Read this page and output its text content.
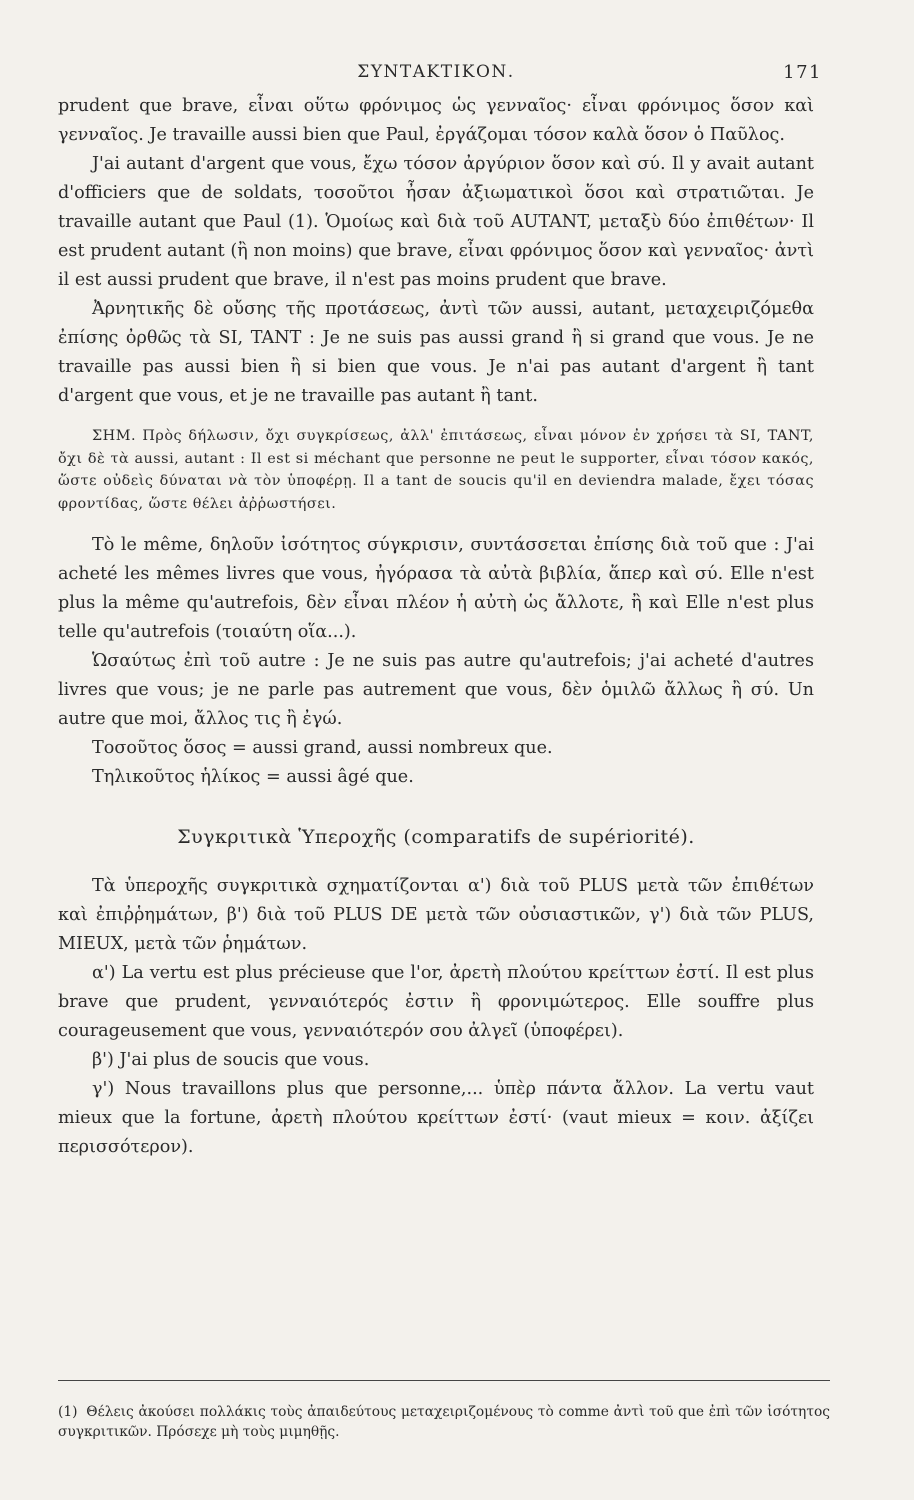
ΣΥΝΤΑΚΤΙΚΟΝ.	171

prudent que brave, εἶναι οὕτω φρόνιμος ὡς γενναῖος· εἶναι φρόνιμος ὅσον καὶ γενναῖος. Je travaille aussi bien que Paul, ἐργάζομαι τόσον καλὰ ὅσον ὁ Παῦλος.

J'ai autant d'argent que vous, ἔχω τόσον ἀργύριον ὅσον καὶ σύ. Il y avait autant d'officiers que de soldats, τοσοῦτοι ἦσαν ἀξιωματικοὶ ὅσοι καὶ στρατιῶται. Je travaille autant que Paul (1). Ὁμοίως καὶ διὰ τοῦ AUTANT, μεταξὺ δύο ἐπιθέτων· Il est prudent autant (ἢ non moins) que brave, εἶναι φρόνιμος ὅσον καὶ γενναῖος· ἀντὶ il est aussi prudent que brave, il n'est pas moins prudent que brave.

Ἀρνητικῆς δὲ οὔσης τῆς προτάσεως, ἀντὶ τῶν aussi, autant, μεταχειριζόμεθα ἐπίσης ὀρθῶς τὰ SI, TANT : Je ne suis pas aussi grand ἢ si grand que vous. Je ne travaille pas aussi bien ἢ si bien que vous. Je n'ai pas autant d'argent ἢ tant d'argent que vous, et je ne travaille pas autant ἢ tant.

ΣΗΜ. Πρὸς δήλωσιν, ὄχι συγκρίσεως, ἀλλ' ἐπιτάσεως, εἶναι μόνον ἐν χρήσει τὰ SI, TANT, ὄχι δὲ τὰ aussi, autant : Il est si méchant que personne ne peut le supporter, εἶναι τόσον κακός, ὥστε οὐδεὶς δύναται νὰ τὸν ὑποφέρῃ. Il a tant de soucis qu'il en deviendra malade, ἔχει τόσας φροντίδας, ὥστε θέλει ἀῤῥωστήσει.

Τὸ le même, δηλοῦν ἰσότητος σύγκρισιν, συντάσσεται ἐπίσης διὰ τοῦ que : J'ai acheté les mêmes livres que vous, ἠγόρασα τὰ αὐτὰ βιβλία, ἅπερ καὶ σύ. Elle n'est plus la même qu'autrefois, δὲν εἶναι πλέον ἡ αὐτὴ ὡς ἄλλοτε, ἢ καὶ Elle n'est plus telle qu'autrefois (τοιαύτη οἵα...).

Ὡσαύτως ἐπὶ τοῦ autre : Je ne suis pas autre qu'autrefois; j'ai acheté d'autres livres que vous; je ne parle pas autrement que vous, δὲν ὁμιλῶ ἄλλως ἢ σύ. Un autre que moi, ἄλλος τις ἢ ἐγώ.

Τοσοῦτος ὅσος = aussi grand, aussi nombreux que.

Τηλικοῦτος ἡλίκος = aussi âgé que.

Συγκριτικὰ Ὑπεροχῆς (comparatifs de supériorité).

Τὰ ὑπεροχῆς συγκριτικὰ σχηματίζονται α') διὰ τοῦ PLUS μετὰ τῶν ἐπιθέτων καὶ ἐπιῤῥημάτων, β') διὰ τοῦ PLUS DE μετὰ τῶν οὐσιαστικῶν, γ') διὰ τῶν PLUS, MIEUX, μετὰ τῶν ῥημάτων.

α') La vertu est plus précieuse que l'or, ἀρετὴ πλούτου κρείττων ἐστί. Il est plus brave que prudent, γενναιότερός ἐστιν ἢ φρονιμώτερος. Elle souffre plus courageusement que vous, γενναιότερόν σου ἀλγεῖ (ὑποφέρει).

β') J'ai plus de soucis que vous.

γ') Nous travaillons plus que personne,... ὑπὲρ πάντα ἄλλον. La vertu vaut mieux que la fortune, ἀρετὴ πλούτου κρείττων ἐστί· (vaut mieux = κοιν. ἀξίζει περισσότερον).

(1) Θέλεις ἀκούσει πολλάκις τοὺς ἀπαιδεύτους μεταχειριζομένους τὸ comme ἀντὶ τοῦ que ἐπὶ τῶν ἰσότητος συγκριτικῶν. Πρόσεχε μὴ τοὺς μιμηθῇς.
